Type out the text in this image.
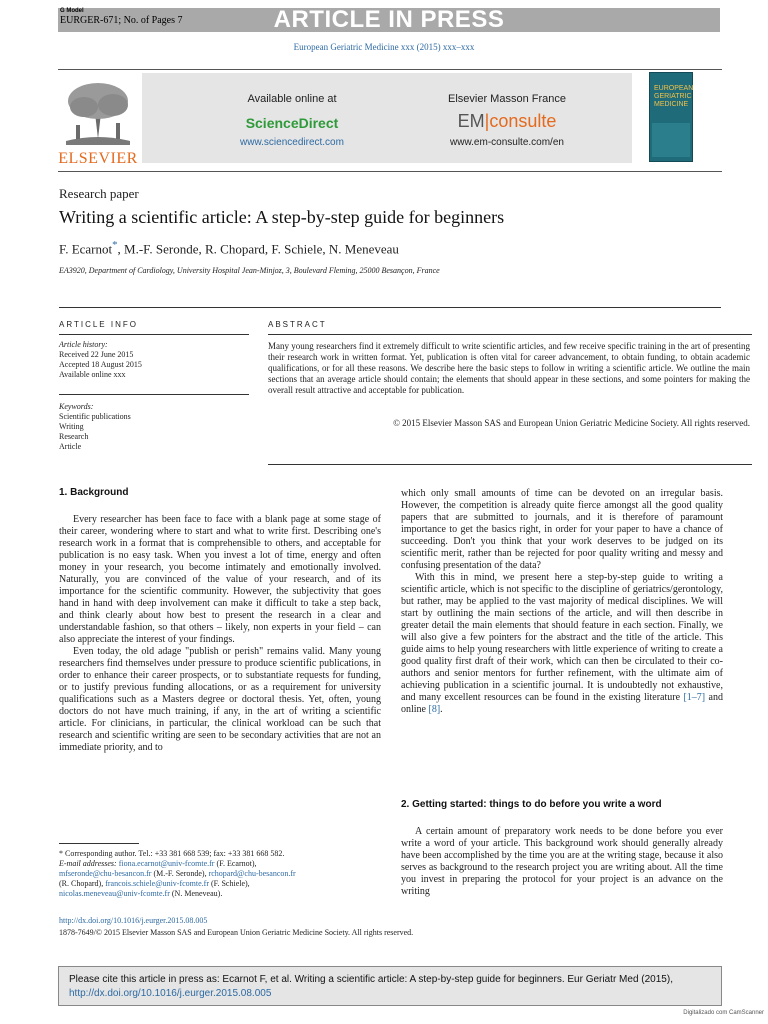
ARTICLE IN PRESS
G Model
EURGER-671; No. of Pages 7
European Geriatric Medicine xxx (2015) xxx–xxx
ELSEVIER
Available online at
ScienceDirect
www.sciencedirect.com
Elsevier Masson France
EM|consulte
www.em-consulte.com/en
EUROPEAN GERIATRIC MEDICINE
Research paper
Writing a scientific article: A step-by-step guide for beginners
F. Ecarnot*, M.-F. Seronde, R. Chopard, F. Schiele, N. Meneveau
EA3920, Department of Cardiology, University Hospital Jean-Minjoz, 3, Boulevard Fleming, 25000 Besançon, France
ARTICLE INFO	ABSTRACT
Article history:
Received 22 June 2015
Accepted 18 August 2015
Available online xxx
Keywords:
Scientific publications
Writing
Research
Article
Many young researchers find it extremely difficult to write scientific articles, and few receive specific training in the art of presenting their research work in written format. Yet, publication is often vital for career advancement, to obtain funding, to obtain academic qualifications, or for all these reasons. We describe here the basic steps to follow in writing a scientific article. We outline the main sections that an average article should contain; the elements that should appear in these sections, and some pointers for making the overall result attractive and acceptable for publication.
© 2015 Elsevier Masson SAS and European Union Geriatric Medicine Society. All rights reserved.
1. Background

Every researcher has been face to face with a blank page at some stage of their career, wondering where to start and what to write first. Describing one's research work in a format that is comprehensible to others, and acceptable for publication is no easy task. When you invest a lot of time, energy and often money in your research, you become intimately and emotionally involved. Naturally, you are convinced of the value of your research, and of its importance for the scientific community. However, the subjectivity that goes hand in hand with deep involvement can make it difficult to take a step back, and think clearly about how best to present the research in a clear and understandable fashion, so that others – likely, non experts in your field – can also appreciate the interest of your findings.

Even today, the old adage "publish or perish" remains valid. Many young researchers find themselves under pressure to produce scientific publications, in order to enhance their career prospects, or to substantiate requests for funding, or to justify previous funding allocations, or as a requirement for university qualifications such as a Masters degree or doctoral thesis. Yet, often, young doctors do not have much training, if any, in the art of writing a scientific article. For clinicians, in particular, the clinical workload can be such that research and scientific writing are seen to be secondary activities that are not an immediate priority, and to

which only small amounts of time can be devoted on an irregular basis. However, the competition is already quite fierce amongst all the good quality papers that are submitted to journals, and it is therefore of paramount importance to get the basics right, in order for your paper to have a chance of succeeding. Don't you think that your work deserves to be judged on its scientific merit, rather than be rejected for poor quality writing and messy and confusing presentation of the data?

With this in mind, we present here a step-by-step guide to writing a scientific article, which is not specific to the discipline of geriatrics/gerontology, but rather, may be applied to the vast majority of medical disciplines. We will start by outlining the main sections of the article, and will then describe in greater detail the main elements that should feature in each section. Finally, we will also give a few pointers for the abstract and the title of the article. This guide aims to help young researchers with little experience of writing to create a good quality first draft of their work, which can then be circulated to their co-authors and senior mentors for further refinement, with the ultimate aim of achieving publication in a scientific journal. It is undoubtedly not exhaustive, and many excellent resources can be found in the existing literature [1–7] and online [8].

2. Getting started: things to do before you write a word

A certain amount of preparatory work needs to be done before you ever write a word of your article. This background work should generally already have been accomplished by the time you are at the writing stage, because it also serves as background to the research project you are writing about. All the time you invest in preparing the protocol for your project is an advance on the writing

* Corresponding author. Tel.: +33 381 668 539; fax: +33 381 668 582.
E-mail addresses: fiona.ecarnot@univ-fcomte.fr (F. Ecarnot),
mfseronde@chu-besancon.fr (M.-F. Seronde), rchopard@chu-besancon.fr
(R. Chopard), francois.schiele@univ-fcomte.fr (F. Schiele),
nicolas.meneveau@univ-fcomte.fr (N. Meneveau).
http://dx.doi.org/10.1016/j.eurger.2015.08.005
1878-7649/© 2015 Elsevier Masson SAS and European Union Geriatric Medicine Society. All rights reserved.
Please cite this article in press as: Ecarnot F, et al. Writing a scientific article: A step-by-step guide for beginners. Eur Geriatr Med (2015),
http://dx.doi.org/10.1016/j.eurger.2015.08.005
Digitalizado com CamScanner
